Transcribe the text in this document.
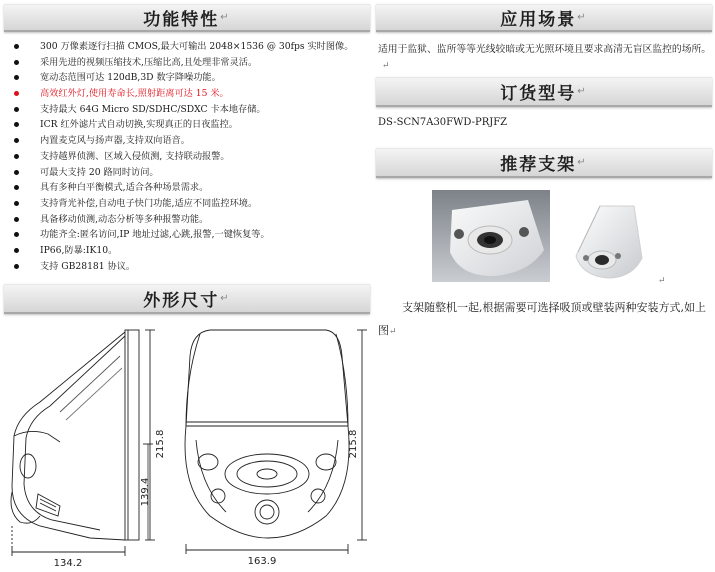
功能特性 ↵
300 万像素逐行扫描 CMOS,最大可输出 2048×1536 @ 30fps 实时图像。
采用先进的视频压缩技术,压缩比高,且处理非常灵活。
宽动态范围可达 120dB,3D 数字降噪功能。
高效红外灯,使用寿命长,照射距离可达 15 米。
支持最大 64G Micro SD/SDHC/SDXC 卡本地存储。
ICR 红外滤片式自动切换,实现真正的日夜监控。
内置麦克风与扬声器,支持双向语音。
支持越界侦测、区域入侵侦测, 支持联动报警。
可最大支持 20 路同时访问。
具有多种白平衡模式,适合各种场景需求。
支持背光补偿,自动电子快门功能,适应不同监控环境。
具备移动侦测,动态分析等多种报警功能。
功能齐全:匿名访问,IP 地址过滤,心跳,报警,一键恢复等。
IP66,防暴:IK10。
支持 GB28181 协议。
外形尺寸 ↵
215.8
139.4
134.2
215.8
163.9
应用场景 ↵

适用于监狱、监所等等光线较暗或无光照环境且要求高清无盲区监控的场所。

↵
订货型号 ↵

DS-SCN7A30FWD-PRJFZ

推荐支架 ↵
↵

支架随整机一起,根据需要可选择吸顶或壁装两种安装方式,如上图↵
